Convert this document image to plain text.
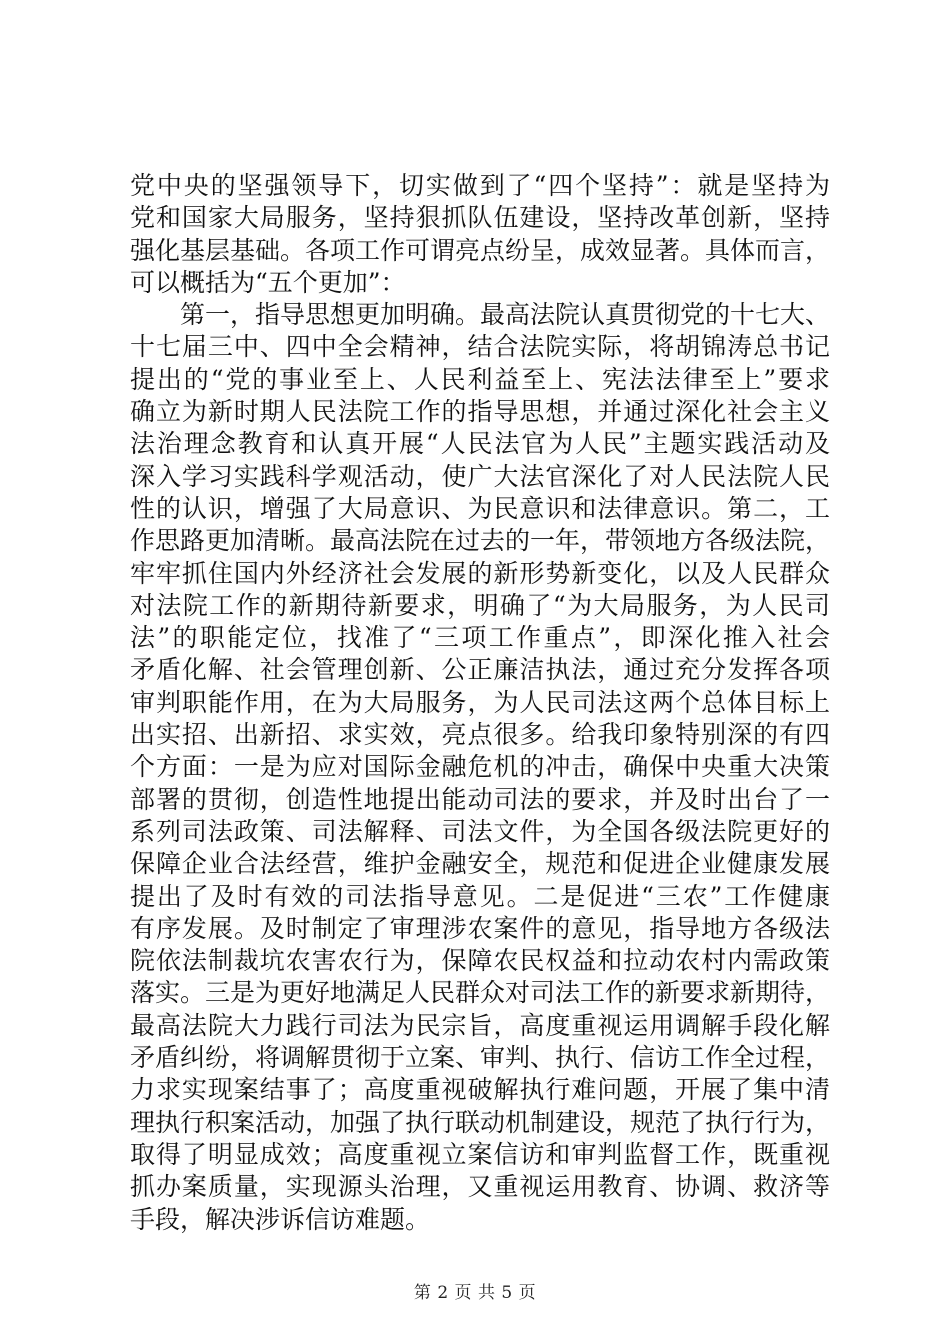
党中央的坚强领导下，切实做到了“四个坚持”：就是坚持为
党和国家大局服务，坚持狠抓队伍建设，坚持改革创新，坚持
强化基层基础。各项工作可谓亮点纷呈，成效显著。具体而言，
可以概括为“五个更加”：
　　第一，指导思想更加明确。最高法院认真贯彻党的十七大、
十七届三中、四中全会精神，结合法院实际，将胡锦涛总书记
提出的“党的事业至上、人民利益至上、宪法法律至上”要求
确立为新时期人民法院工作的指导思想，并通过深化社会主义
法治理念教育和认真开展“人民法官为人民”主题实践活动及
深入学习实践科学观活动，使广大法官深化了对人民法院人民
性的认识，增强了大局意识、为民意识和法律意识。第二，工
作思路更加清晰。最高法院在过去的一年，带领地方各级法院，
牢牢抓住国内外经济社会发展的新形势新变化，以及人民群众
对法院工作的新期待新要求，明确了“为大局服务，为人民司
法”的职能定位，找准了“三项工作重点”，即深化推入社会
矛盾化解、社会管理创新、公正廉洁执法，通过充分发挥各项
审判职能作用，在为大局服务，为人民司法这两个总体目标上
出实招、出新招、求实效，亮点很多。给我印象特别深的有四
个方面：一是为应对国际金融危机的冲击，确保中央重大决策
部署的贯彻，创造性地提出能动司法的要求，并及时出台了一
系列司法政策、司法解释、司法文件，为全国各级法院更好的
保障企业合法经营，维护金融安全，规范和促进企业健康发展
提出了及时有效的司法指导意见。二是促进“三农”工作健康
有序发展。及时制定了审理涉农案件的意见，指导地方各级法
院依法制裁坑农害农行为，保障农民权益和拉动农村内需政策
落实。三是为更好地满足人民群众对司法工作的新要求新期待，
最高法院大力践行司法为民宗旨，高度重视运用调解手段化解
矛盾纠纷，将调解贯彻于立案、审判、执行、信访工作全过程，
力求实现案结事了；高度重视破解执行难问题，开展了集中清
理执行积案活动，加强了执行联动机制建设，规范了执行行为，
取得了明显成效；高度重视立案信访和审判监督工作，既重视
抓办案质量，实现源头治理，又重视运用教育、协调、救济等
手段，解决涉诉信访难题。
第 2 页 共 5 页
